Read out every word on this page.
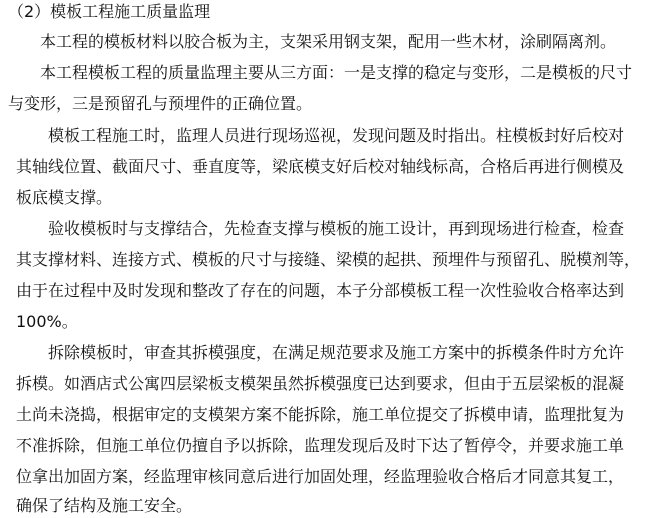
（2）模板工程施工质量监理
本工程的模板材料以胶合板为主，支架采用钢支架，配用一些木材，涂刷隔离剂。
本工程模板工程的质量监理主要从三方面：一是支撑的稳定与变形，二是模板的尺寸
与变形，三是预留孔与预埋件的正确位置。
模板工程施工时，监理人员进行现场巡视，发现问题及时指出。柱模板封好后校对
其轴线位置、截面尺寸、垂直度等，梁底模支好后校对轴线标高，合格后再进行侧模及
板底模支撑。
验收模板时与支撑结合，先检查支撑与模板的施工设计，再到现场进行检查，检查
其支撑材料、连接方式、模板的尺寸与接缝、梁模的起拱、预埋件与预留孔、脱模剂等，
由于在过程中及时发现和整改了存在的问题，本子分部模板工程一次性验收合格率达到
100%。
拆除模板时，审查其拆模强度，在满足规范要求及施工方案中的拆模条件时方允许
拆模。如酒店式公寓四层梁板支模架虽然拆模强度已达到要求，但由于五层梁板的混凝
土尚未浇捣，根据审定的支模架方案不能拆除，施工单位提交了拆模申请，监理批复为
不准拆除，但施工单位仍擅自予以拆除，监理发现后及时下达了暂停令，并要求施工单
位拿出加固方案，经监理审核同意后进行加固处理，经监理验收合格后才同意其复工，
确保了结构及施工安全。
